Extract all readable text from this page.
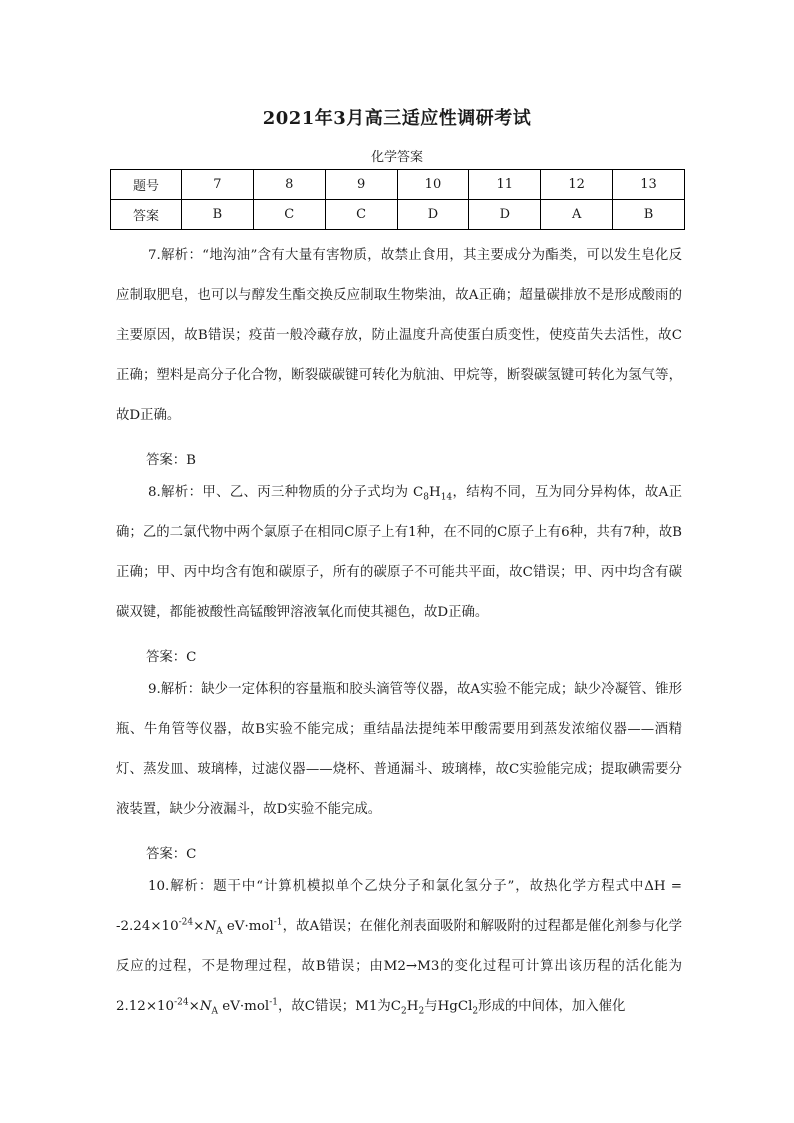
2021年3月高三适应性调研考试
化学答案
题号	7	8	9	10	11	12	13
答案	B	C	C	D	D	A	B

7.解析：“地沟油”含有大量有害物质，故禁止食用，其主要成分为酯类，可以发生皂化反应制取肥皂，也可以与醇发生酯交换反应制取生物柴油，故A正确；超量碳排放不是形成酸雨的主要原因，故B错误；疫苗一般冷藏存放，防止温度升高使蛋白质变性，使疫苗失去活性，故C正确；塑料是高分子化合物，断裂碳碳键可转化为航油、甲烷等，断裂碳氢键可转化为氢气等，故D正确。

答案：B

8.解析：甲、乙、丙三种物质的分子式均为 $C_8H_{14}$，结构不同，互为同分异构体，故A正确；乙的二氯代物中两个氯原子在相同C原子上有1种，在不同的C原子上有6种，共有7种，故B正确；甲、丙中均含有饱和碳原子，所有的碳原子不可能共平面，故C错误；甲、丙中均含有碳碳双键，都能被酸性高锰酸钾溶液氧化而使其褪色，故D正确。

答案：C

9.解析：缺少一定体积的容量瓶和胶头滴管等仪器，故A实验不能完成；缺少冷凝管、锥形瓶、牛角管等仪器，故B实验不能完成；重结晶法提纯苯甲酸需要用到蒸发浓缩仪器——酒精灯、蒸发皿、玻璃棒，过滤仪器——烧杯、普通漏斗、玻璃棒，故C实验能完成；提取碘需要分液装置，缺少分液漏斗，故D实验不能完成。

答案：C

10.解析：题干中“计算机模拟单个乙炔分子和氯化氢分子”，故热化学方程式中$\Delta H = -2.24\times 10^{-24}\times N_A$ eV·mol$^{-1}$，故A错误；在催化剂表面吸附和解吸附的过程都是催化剂参与化学反应的过程，不是物理过程，故B错误；由M2→M3的变化过程可计算出该历程的活化能为 $2.12\times 10^{-24}\times N_A$ eV·mol$^{-1}$，故C错误；M1为$C_2H_2$与HgCl$_2$形成的中间体，加入催化
